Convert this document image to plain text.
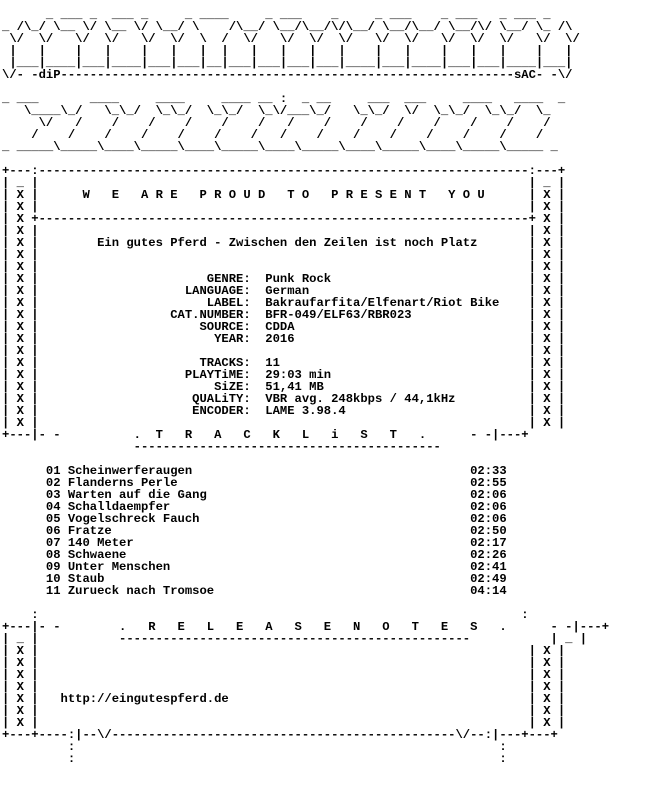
_ ___ _  ___ _     _ ____     _ ___    _     _ ___    _ ___   _ ___ _
_ /\_/ \__ \/ \__ \/ \__/ \    /\__/ \__/\__/\/\__/ \__/\__/ \__/\/ \__/ \_ /\
\/  \/   \/  \/   \/  \/  \  /  \/   \/  \/  \/   \/  \/   \/  \/  \/   \/  \/
|   |    |   |    |   |   |  |   |   |   |   |    |   |    |   |   |    |   |
|___|____|___|____|___|___|__|___|___|___|___|____|___|____|___|___|____|___|
\/- -diP--------------------------------------------------------------sAC- -\/
_ ___       ____     ____     ____ __ :  _ __     ___  ___     ____   ____  _
\____\_/   \_\_/  \_\_/  \_\_/  \_\/___\_/   \_\_/  \/  \_\_/  \_\_/  \_
\/   /    /    /    /    /    /   /    /    /    /    /    /    /    /
/    /    /    /    /    /    /   /    /    /    /    /    /    /    /
_ _____\_____\____\_____\____\_____\____\_____\____\_____\____\_____\_____ _

+---:-------------------------------------------------------------------:---+
| _ |                                                                   | _ |
| X |      W   E   A R E   P R O U D   T O   P R E S E N T   Y O U      | X |
| X |                                                                   | X |
| X +-------------------------------------------------------------------+ X |
| X |                                                                   | X |
| X |        Ein gutes Pferd - Zwischen den Zeilen ist noch Platz       | X |
| X |                                                                   | X |
| X |                                                                   | X |
| X |                       GENRE:  Punk Rock                           | X |
| X |                    LANGUAGE:  German                              | X |
| X |                       LABEL:  Bakraufarfita/Elfenart/Riot Bike    | X |
| X |                  CAT.NUMBER:  BFR-049/ELF63/RBR023                | X |
| X |                      SOURCE:  CDDA                                | X |
| X |                        YEAR:  2016                                | X |
| X |                                                                   | X |
| X |                      TRACKS:  11                                  | X |
| X |                    PLAYTiME:  29:03 min                           | X |
| X |                        SiZE:  51,41 MB                            | X |
| X |                     QUALiTY:  VBR avg. 248kbps / 44,1kHz          | X |
| X |                     ENCODER:  LAME 3.98.4                         | X |
| X |                                                                   | X |
+---|- -          .  T   R   A   C   K   L   i   S   T   .      - -|---+
------------------------------------------
01 Scheinwerferaugen                                      02:33
02 Flanderns Perle                                        02:55
03 Warten auf die Gang                                    02:06
04 Schalldaempfer                                         02:06
05 Vogelschreck Fauch                                     02:06
06 Fratze                                                 02:50
07 140 Meter                                              02:17
08 Schwaene                                               02:26
09 Unter Menschen                                         02:41
10 Staub                                                  02:49
11 Zurueck nach Tromsoe                                   04:14
:                                                                  :
+---|- -        .   R   E   L   E   A   S   E   N   O   T   E   S   .      - -|---+
| _ |           ------------------------------------------------           | _ |
| X |                                                                   | X |
| X |                                                                   | X |
| X |                                                                   | X |
| X |                                                                   | X |
| X |   http://eingutespferd.de                                         | X |
| X |                                                                   | X |
| X |                                                                   | X |
+---+----:|--\/-----------------------------------------------\/--:|---+---+
:                                                          :
:                                                          :
